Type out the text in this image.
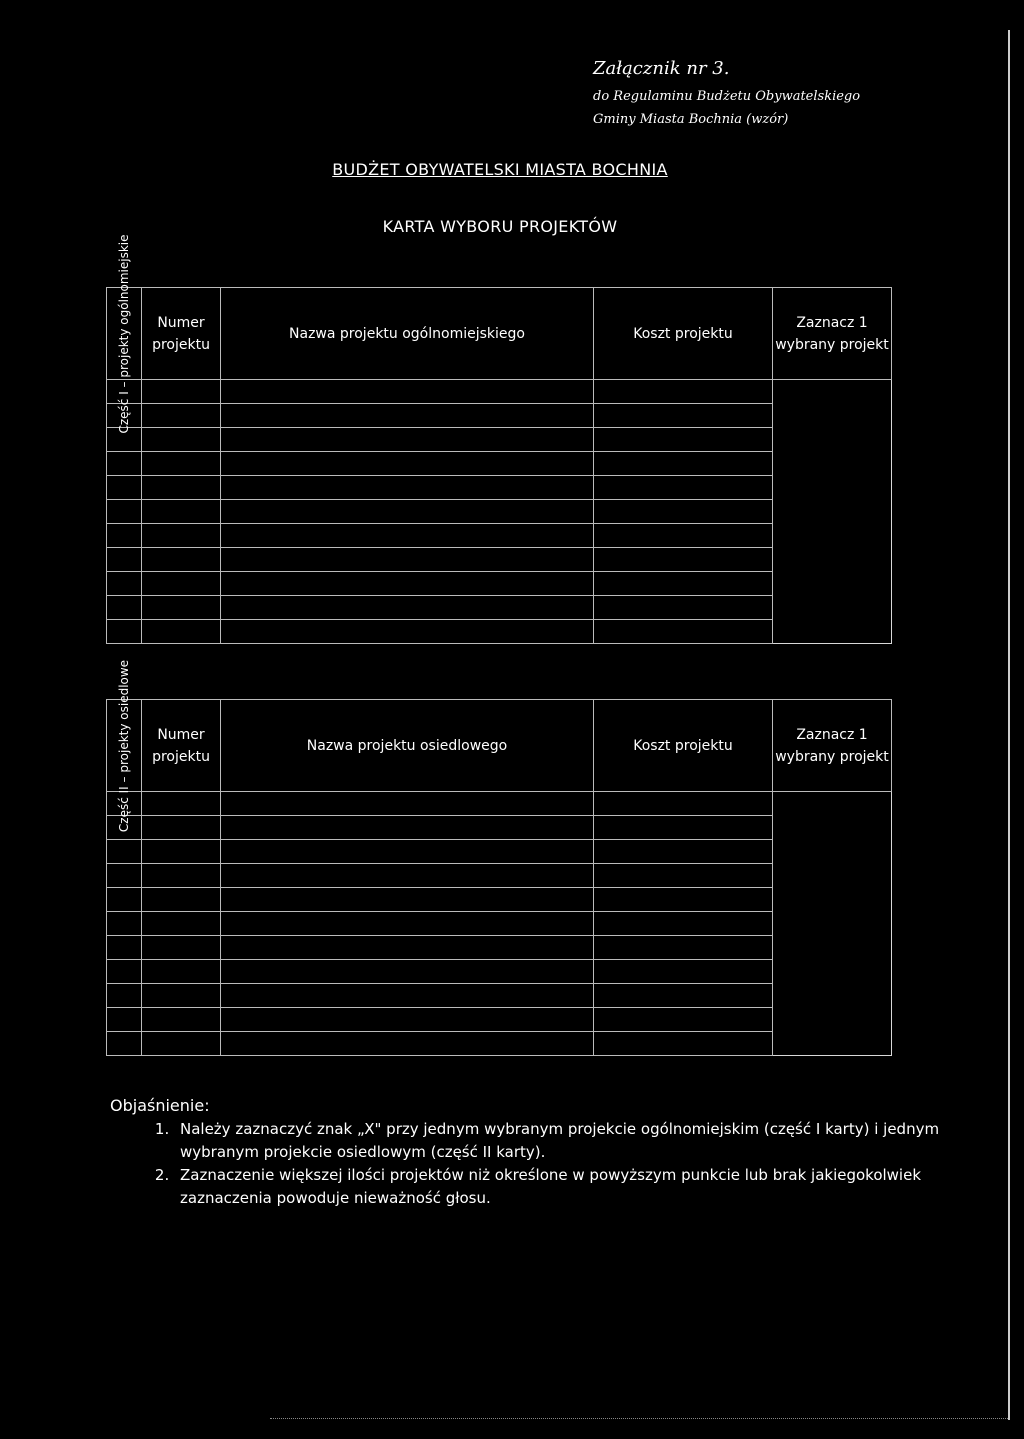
Załącznik nr 3.
do Regulaminu Budżetu Obywatelskiego
Gminy Miasta Bochnia (wzór)
BUDŻET OBYWATELSKI MIASTA BOCHNIA
KARTA WYBORU PROJEKTÓW
Część I – projekty ogólnomiejskie	Numer projektu	Nazwa projektu ogólnomiejskiego	Koszt projektu	Zaznacz 1 wybrany projekt

Część II – projekty osiedlowe	Numer projektu	Nazwa projektu osiedlowego	Koszt projektu	Zaznacz 1 wybrany projekt

Objaśnienie:
1. Należy zaznaczyć znak „X" przy jednym wybranym projekcie ogólnomiejskim (część I karty) i jednym wybranym projekcie osiedlowym (część II karty).
2. Zaznaczenie większej ilości projektów niż określone w powyższym punkcie lub brak jakiegokolwiek zaznaczenia powoduje nieważność głosu.
